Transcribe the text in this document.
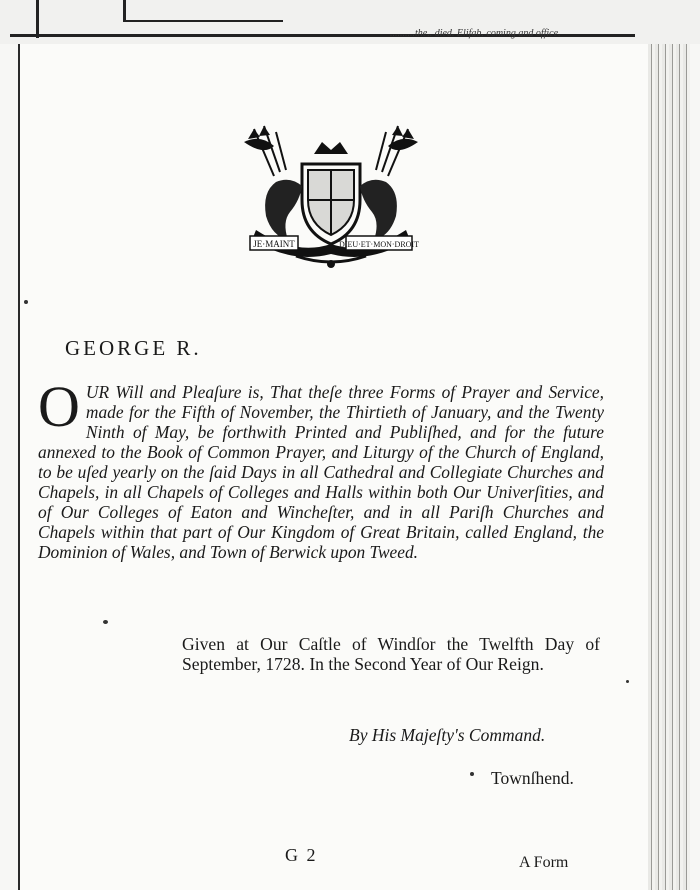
..........the.. died. Elifab. coming and office.
JE·MAINT	DIEU·ET·MON·DROIT
GEORGE R.

OUR Will and Pleaſure is, That theſe three Forms of Prayer and Service, made for the Fifth of November, the Thirtieth of January, and the Twenty Ninth of May, be forthwith Printed and Publiſhed, and for the future annexed to the Book of Common Prayer, and Liturgy of the Church of England, to be uſed yearly on the ſaid Days in all Cathedral and Collegiate Churches and Chapels, in all Chapels of Colleges and Halls within both Our Univerſities, and of Our Colleges of Eaton and Wincheſter, and in all Pariſh Churches and Chapels within that part of Our Kingdom of Great Britain, called England, the Dominion of Wales, and Town of Berwick upon Tweed.

Given at Our Caſtle of Windſor the Twelfth Day of September, 1728. In the Second Year of Our Reign.

By His Majeſty's Command.

Townſhend.

G 2	A Form
